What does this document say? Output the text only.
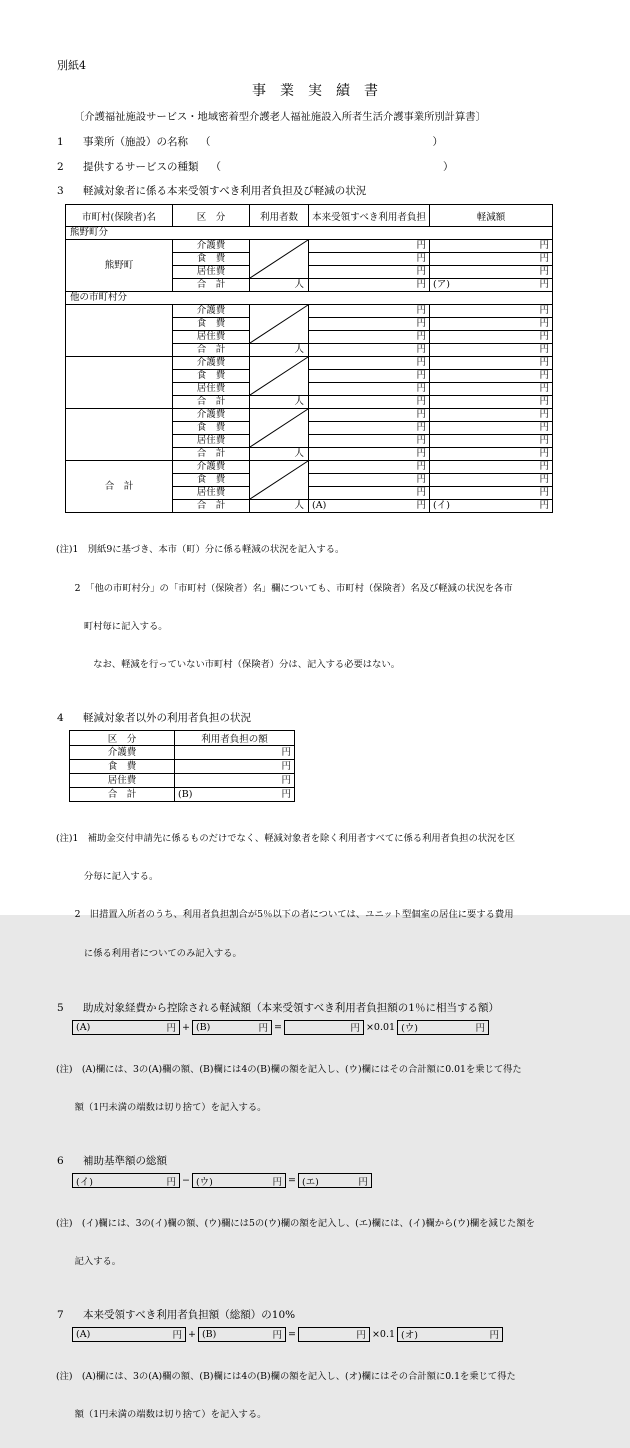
別紙4
事　業　実　績　書
〔介護福祉施設サービス・地域密着型介護老人福祉施設入所者生活介護事業所別計算書〕
1	事業所（施設）の名称 （	）
2	提供するサービスの種類 （	）
3	軽減対象者に係る本来受領すべき利用者負担及び軽減の状況
市町村(保険者)名	区　分	利用者数	本来受領すべき利用者負担	軽減額
熊野町分				
熊野町	介護費		円	円

	食　費		円	円

	居住費		円	円

	合　計	人	円	(ア) 円

他の市町村分				
	介護費		円	円

	食　費		円	円

	居住費		円	円

	合　計	人	円	円

	介護費		円	円

	食　費		円	円

	居住費		円	円

	合　計	人	円	円

	介護費		円	円

	食　費		円	円

	居住費		円	円

	合　計	人	円	円

合　計	介護費		円	円

	食　費		円	円

	居住費		円	円

	合　計	人	(A) 円	(イ) 円

(注)1　別紙9に基づき、本市（町）分に係る軽減の状況を記入する。

　　2　「他の市町村分」の「市町村（保険者）名」欄についても、市町村（保険者）名及び軽減の状況を各市

　　　町村毎に記入する。

　　　　なお、軽減を行っていない市町村（保険者）分は、記入する必要はない。

4	軽減対象者以外の利用者負担の状況
区　分	利用者負担の額
介護費	円

食　費	円

居住費	円

合　計	(B) 円

(注)1　補助金交付申請先に係るものだけでなく、軽減対象者を除く利用者すべてに係る利用者負担の状況を区

　　　分毎に記入する。

　　2　旧措置入所者のうち、利用者負担割合が5％以下の者については、ユニット型個室の居住に要する費用

　　　に係る利用者についてのみ記入する。

5	助成対象経費から控除される軽減額（本来受領すべき利用者負担額の1％に相当する額）
(A)	円 + (B)	円 =	円 ×0.01 (ウ)	円

(注)　(A)欄には、3の(A)欄の額、(B)欄には4の(B)欄の額を記入し、(ウ)欄にはその合計額に0.01を乗じて得た

　　額（1円未満の端数は切り捨て）を記入する。

6	補助基準額の総額
(イ)	円 − (ウ)	円 = (エ)	円

(注)　(イ)欄には、3の(イ)欄の額、(ウ)欄には5の(ウ)欄の額を記入し、(エ)欄には、(イ)欄から(ウ)欄を減じた額を

　　記入する。

7	本来受領すべき利用者負担額（総額）の10%
(A)	円 + (B)	円 =	円 ×0.1 (オ)	円

(注)　(A)欄には、3の(A)欄の額、(B)欄には4の(B)欄の額を記入し、(オ)欄にはその合計額に0.1を乗じて得た

　　額（1円未満の端数は切り捨て）を記入する。
